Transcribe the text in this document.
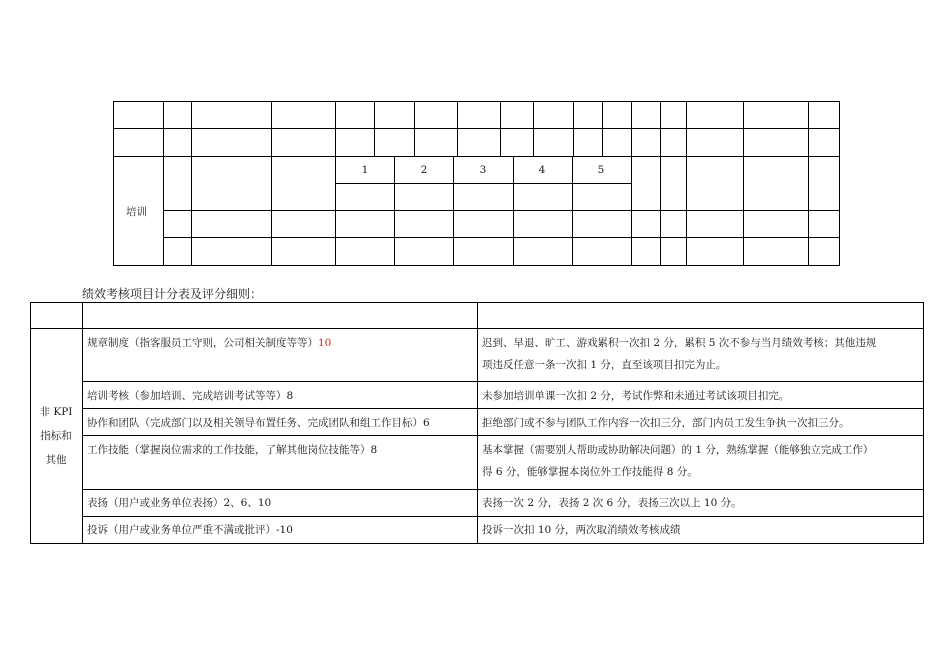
培训
1	2	3	4	5
绩效考核项目计分表及评分细则：
非 KPI
指标和
其他
规章制度（指客服员工守则，公司相关制度等等）10	迟到、早退、旷工、游戏累积一次扣 2 分，累积 5 次不参与当月绩效考核；其他违规
项违反任意一条一次扣 1 分，直至该项目扣完为止。
培训考核（参加培训、完成培训考试等等）8	未参加培训单课一次扣 2 分，考试作弊和未通过考试该项目扣完。
协作和团队（完成部门以及相关领导布置任务、完成团队和组工作目标）6	拒绝部门或不参与团队工作内容一次扣三分，部门内员工发生争执一次扣三分。
工作技能（掌握岗位需求的工作技能，了解其他岗位技能等）8	基本掌握（需要别人帮助或协助解决问题）的 1 分，熟练掌握（能够独立完成工作）
得 6 分，能够掌握本岗位外工作技能得 8 分。
表扬（用户或业务单位表扬）2、6、10	表扬一次 2 分，表扬 2 次 6 分，表扬三次以上 10 分。
投诉（用户或业务单位严重不满或批评）-10	投诉一次扣 10 分，两次取消绩效考核成绩
